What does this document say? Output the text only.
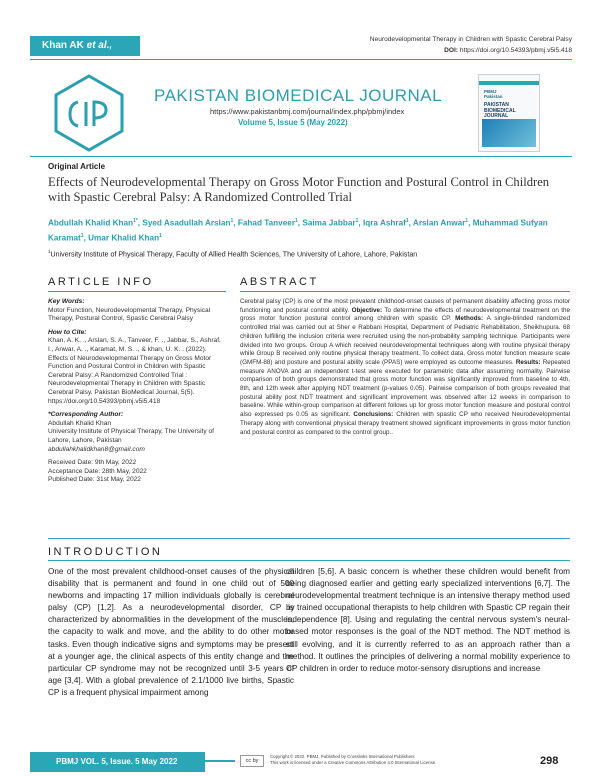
Khan AK et al.,
Neurodevelopmental Therapy in Children with Spastic Cerebral Palsy
DOI: https://doi.org/10.54393/pbmj.v5i5.418
PAKISTAN BIOMEDICAL JOURNAL
https://www.pakistanbmj.com/journal/index.php/pbmj/index
Volume 5, Issue 5 (May 2022)
PBMJ
Pakistan
PAKISTAN
BIOMEDICAL
JOURNAL
Original Article
Effects of Neurodevelopmental Therapy on Gross Motor Function and Postural Control in Children with Spastic Cerebral Palsy: A Randomized Controlled Trial
Abdullah Khalid Khan$^{1*}$, Syed Asadullah Arslan$^1$, Fahad Tanveer$^1$, Saima Jabbar$^1$, Iqra Ashraf$^1$, Arslan Anwar$^1$, Muhammad Sufyan Karamat$^1$, Umar Khalid Khan$^1$
$^1$University Institute of Physical Therapy, Faculty of Allied Health Sciences, The University of Lahore, Lahore, Pakistan
ARTICLE INFO	ABSTRACT
Key Words:
Motor Function, Neurodevelopmental Therapy, Physical Therapy, Postural Control, Spastic Cerebral Palsy
How to Cite:
Khan, A. K. ., Arslan, S. A., Tanveer, F. ., Jabbar, S., Ashraf, I., Anwar, A. ., Karamat, M. S. ., & khan, U. K. . (2022). Effects of Neurodevelopmental Therapy on Gross Motor Function and Postural Control in Children with Spastic Cerebral Palsy: A Randomized Controlled Trial : Neurodevelopmental Therapy in Children with Spastic Cerebral Palsy. Pakistan BioMedical Journal, 5(5).
https://doi.org/10.54393/pbmj.v5i5.418
*Corresponding Author:
Abdullah Khalid Khan
University Institute of Physical Therapy, The University of Lahore, Lahore, Pakistan
abdullahkhalidkhan8@gmail.com
Received Date: 9th May, 2022
Acceptance Date: 28th May, 2022
Published Date: 31st May, 2022
Cerebral palsy (CP) is one of the most prevalent childhood-onset causes of permanent disability affecting gross motor functioning and postural control ability. Objective: To determine the effects of neurodevelopmental treatment on the gross motor function postural control among children with spastic CP. Methods: A single-blinded randomized controlled trial was carried out at Sher e Rabbani Hospital, Department of Pediatric Rehabilitation, Sheikhupura. 68 children fulfilling the inclusion criteria were recruited using the non-probability sampling technique. Participants were divided into two groups. Group A which received neurodevelopmental techniques along with routine physical therapy while Group B received only routine physical therapy treatment. To collect data, Gross motor function measure scale (GMFM-88) and posture and postural ability scale (PPAS) were employed as outcome measures. Results: Repeated measure ANOVA and an independent t-test were executed for parametric data after assuming normality. Pairwise comparison of both groups demonstrated that gross motor function was significantly improved from baseline to 4th, 8th, and 12th week after applying NDT treatment (p-values 0.05). Pairwise comparison of both groups revealed that postural ability post NDT treatment and significant improvement was observed after 12 weeks in comparison to baseline. While within-group comparison at different follows up for gross motor function measure and postural control also expressed ps 0.05 as significant. Conclusions: Children with spastic CP who received Neurodevelopmental Therapy along with conventional physical therapy treatment showed significant improvements in gross motor function and postural control as compared to the control group..
INTRODUCTION
One of the most prevalent childhood-onset causes of the physical disability that is permanent and found in one child out of 500 newborns and impacting 17 million individuals globally is cerebral palsy (CP) [1,2]. As a neurodevelopmental disorder, CP is characterized by abnormalities in the development of the muscles, the capacity to walk and move, and the ability to do other motor tasks. Even though indicative signs and symptoms may be present at a younger age, the clinical aspects of this entity change and the particular CP syndrome may not be recognized until 3-5 years of age [3,4]. With a global prevalence of 2.1/1000 live births, Spastic CP is a frequent physical impairment among
children [5,6]. A basic concern is whether these children would benefit from being diagnosed earlier and getting early specialized interventions [6,7]. The neurodevelopmental treatment technique is an intensive therapy method used by trained occupational therapists to help children with Spastic CP regain their independence [8]. Using and regulating the central nervous system's neural-based motor responses is the goal of the NDT method. The NDT method is still evolving, and it is currently referred to as an approach rather than a method. It outlines the principles of delivering a normal mobility experience to CP children in order to reduce motor-sensory disruptions and increase
PBMJ VOL. 5, Issue. 5 May 2022	cc by
Copyright © 2022. PBMJ, Published by Crosslinks International Publishers
This work is licensed under a Creative Commons Attribution 4.0 International License.	298
